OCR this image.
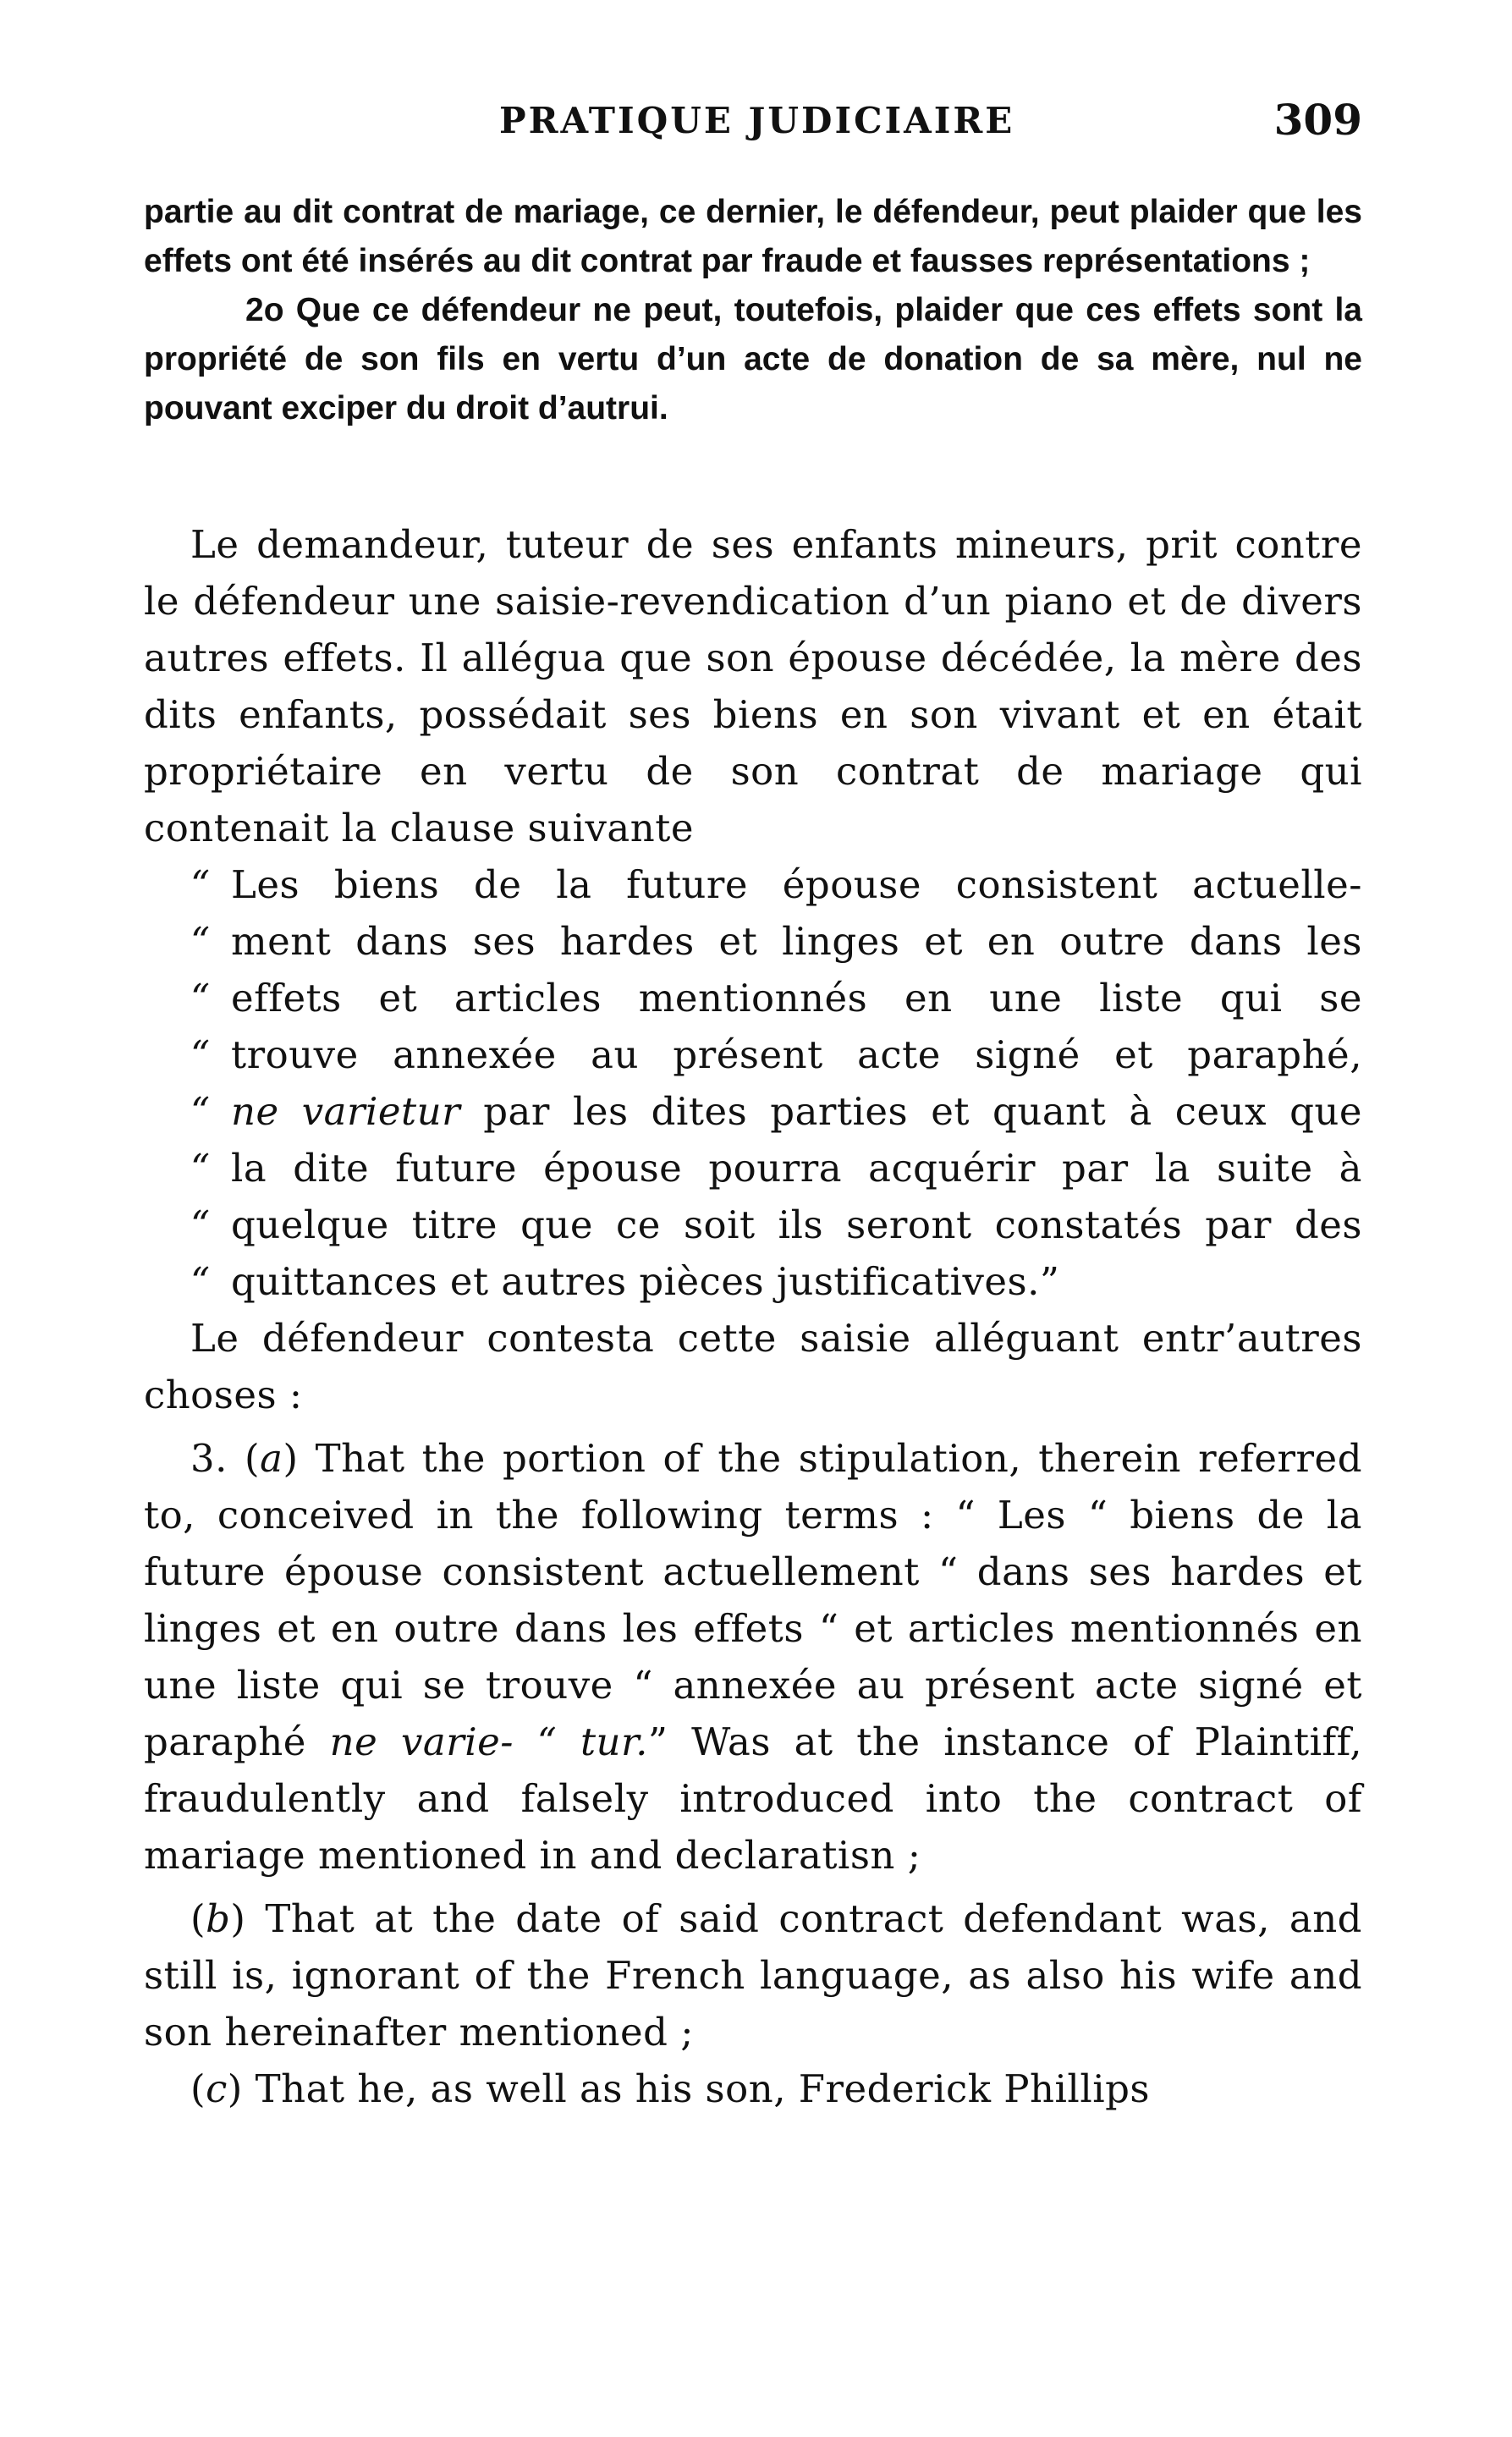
PRATIQUE JUDICIAIRE	309

partie au dit contrat de mariage, ce dernier, le défendeur, peut plaider que les effets ont été insérés au dit contrat par fraude et fausses représentations ;

2o Que ce défendeur ne peut, toutefois, plaider que ces effets sont la propriété de son fils en vertu d’un acte de donation de sa mère, nul ne pouvant exciper du droit d’autrui.

Le demandeur, tuteur de ses enfants mineurs, prit contre le défendeur une saisie-revendication d’un piano et de divers autres effets. Il allégua que son épouse décédée, la mère des dits enfants, possédait ses biens en son vivant et en était propriétaire en vertu de son contrat de mariage qui contenait la clause suivante

“ Les biens de la future épouse consistent actuelle-
“ ment dans ses hardes et linges et en outre dans les
“ effets et articles mentionnés en une liste qui se
“ trouve annexée au présent acte signé et paraphé,
“ ne varietur par les dites parties et quant à ceux que
“ la dite future épouse pourra acquérir par la suite à
“ quelque titre que ce soit ils seront constatés par des
“ quittances et autres pièces justificatives.”

Le défendeur contesta cette saisie alléguant entr’autres choses :

3. (a) That the portion of the stipulation, therein referred to, conceived in the following terms : “ Les “ biens de la future épouse consistent actuellement “ dans ses hardes et linges et en outre dans les effets “ et articles mentionnés en une liste qui se trouve “ annexée au présent acte signé et paraphé ne varie- “ tur.” Was at the instance of Plaintiff, fraudulently and falsely introduced into the contract of mariage mentioned in and declaratisn ;

(b) That at the date of said contract defendant was, and still is, ignorant of the French language, as also his wife and son hereinafter mentioned ;

(c) That he, as well as his son, Frederick Phillips
